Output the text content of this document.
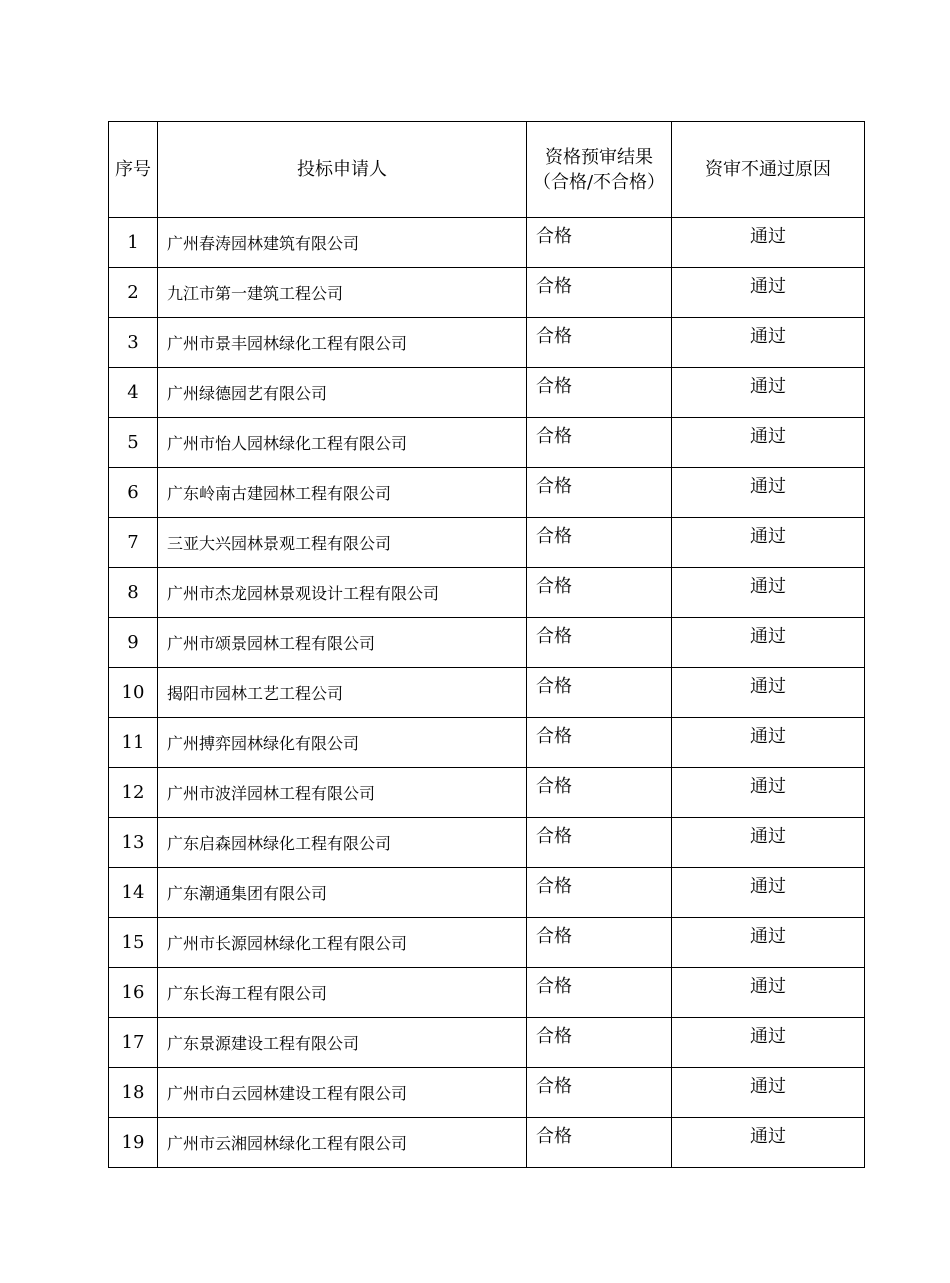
序号	投标申请人	资格预审结果（合格/不合格）	资审不通过原因
1	广州春涛园林建筑有限公司	合格	通过
2	九江市第一建筑工程公司	合格	通过
3	广州市景丰园林绿化工程有限公司	合格	通过
4	广州绿德园艺有限公司	合格	通过
5	广州市怡人园林绿化工程有限公司	合格	通过
6	广东岭南古建园林工程有限公司	合格	通过
7	三亚大兴园林景观工程有限公司	合格	通过
8	广州市杰龙园林景观设计工程有限公司	合格	通过
9	广州市颂景园林工程有限公司	合格	通过
10	揭阳市园林工艺工程公司	合格	通过
11	广州搏弈园林绿化有限公司	合格	通过
12	广州市波洋园林工程有限公司	合格	通过
13	广东启森园林绿化工程有限公司	合格	通过
14	广东潮通集团有限公司	合格	通过
15	广州市长源园林绿化工程有限公司	合格	通过
16	广东长海工程有限公司	合格	通过
17	广东景源建设工程有限公司	合格	通过
18	广州市白云园林建设工程有限公司	合格	通过
19	广州市云湘园林绿化工程有限公司	合格	通过
